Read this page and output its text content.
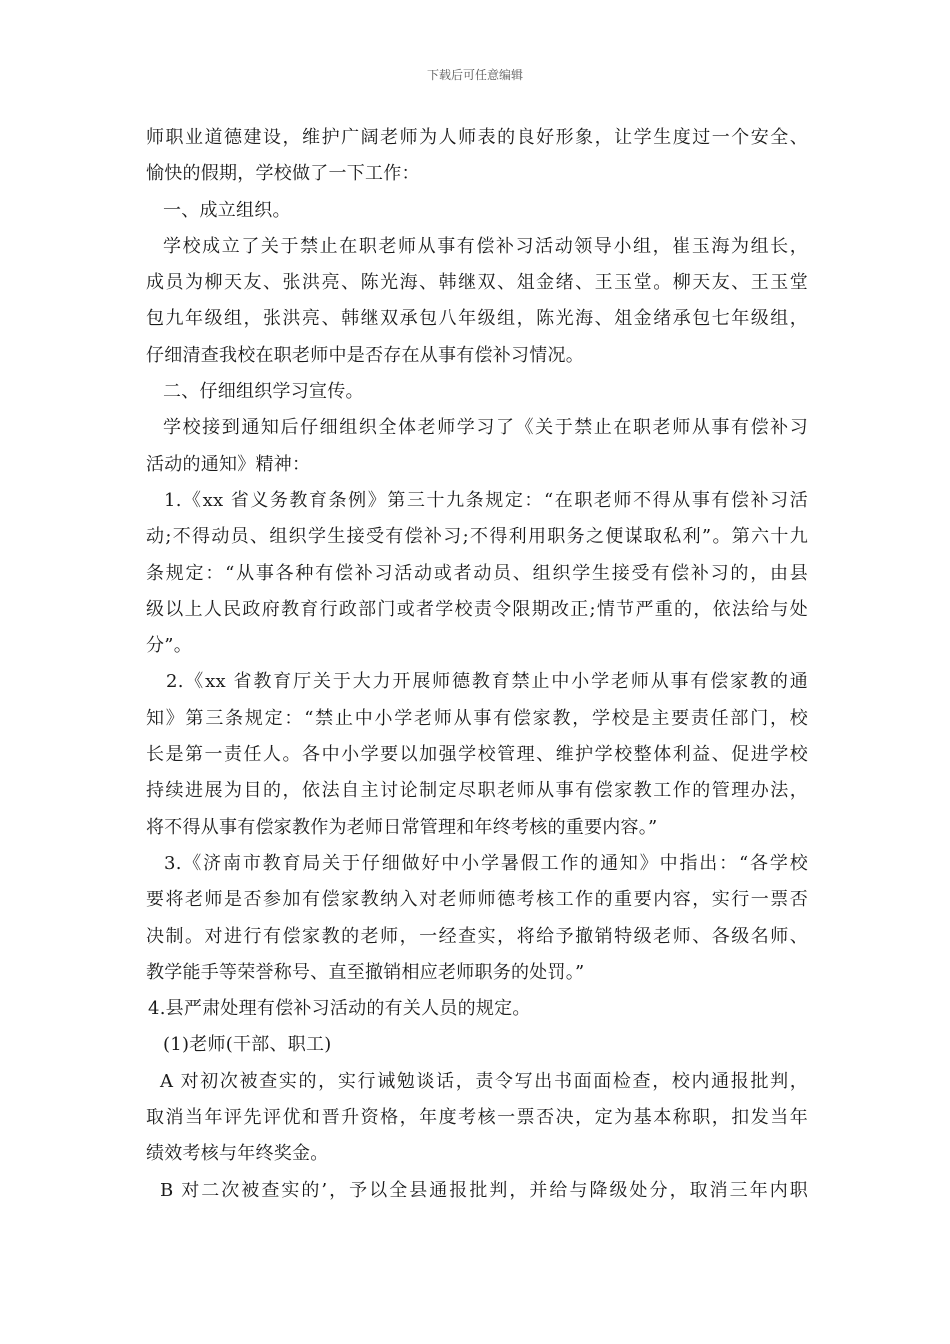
下载后可任意编辑
师职业道德建设，维护广阔老师为人师表的良好形象，让学生度过一个安全、
愉快的假期，学校做了一下工作：
一、成立组织。
学校成立了关于禁止在职老师从事有偿补习活动领导小组，崔玉海为组长，
成员为柳天友、张洪亮、陈光海、韩继双、俎金绪、王玉堂。柳天友、王玉堂
包九年级组，张洪亮、韩继双承包八年级组，陈光海、俎金绪承包七年级组，
仔细清查我校在职老师中是否存在从事有偿补习情况。
二、仔细组织学习宣传。
学校接到通知后仔细组织全体老师学习了《关于禁止在职老师从事有偿补习
活动的通知》精神：
1.《xx 省义务教育条例》第三十九条规定：“在职老师不得从事有偿补习活
动;不得动员、组织学生接受有偿补习;不得利用职务之便谋取私利”。第六十九
条规定：“从事各种有偿补习活动或者动员、组织学生接受有偿补习的，由县
级以上人民政府教育行政部门或者学校责令限期改正;情节严重的，依法给与处
分”。
2.《xx 省教育厅关于大力开展师德教育禁止中小学老师从事有偿家教的通
知》第三条规定：“禁止中小学老师从事有偿家教，学校是主要责任部门，校
长是第一责任人。各中小学要以加强学校管理、维护学校整体利益、促进学校
持续进展为目的，依法自主讨论制定尽职老师从事有偿家教工作的管理办法，
将不得从事有偿家教作为老师日常管理和年终考核的重要内容。”
3.《济南市教育局关于仔细做好中小学暑假工作的通知》中指出：“各学校
要将老师是否参加有偿家教纳入对老师师德考核工作的重要内容，实行一票否
决制。对进行有偿家教的老师，一经查实，将给予撤销特级老师、各级名师、
教学能手等荣誉称号、直至撤销相应老师职务的处罚。”
4.县严肃处理有偿补习活动的有关人员的规定。
(1)老师(干部、职工)
A 对初次被查实的，实行诫勉谈话，责令写出书面面检查，校内通报批判，
取消当年评先评优和晋升资格，年度考核一票否决，定为基本称职，扣发当年
绩效考核与年终奖金。
B 对二次被查实的’，予以全县通报批判，并给与降级处分，取消三年内职
